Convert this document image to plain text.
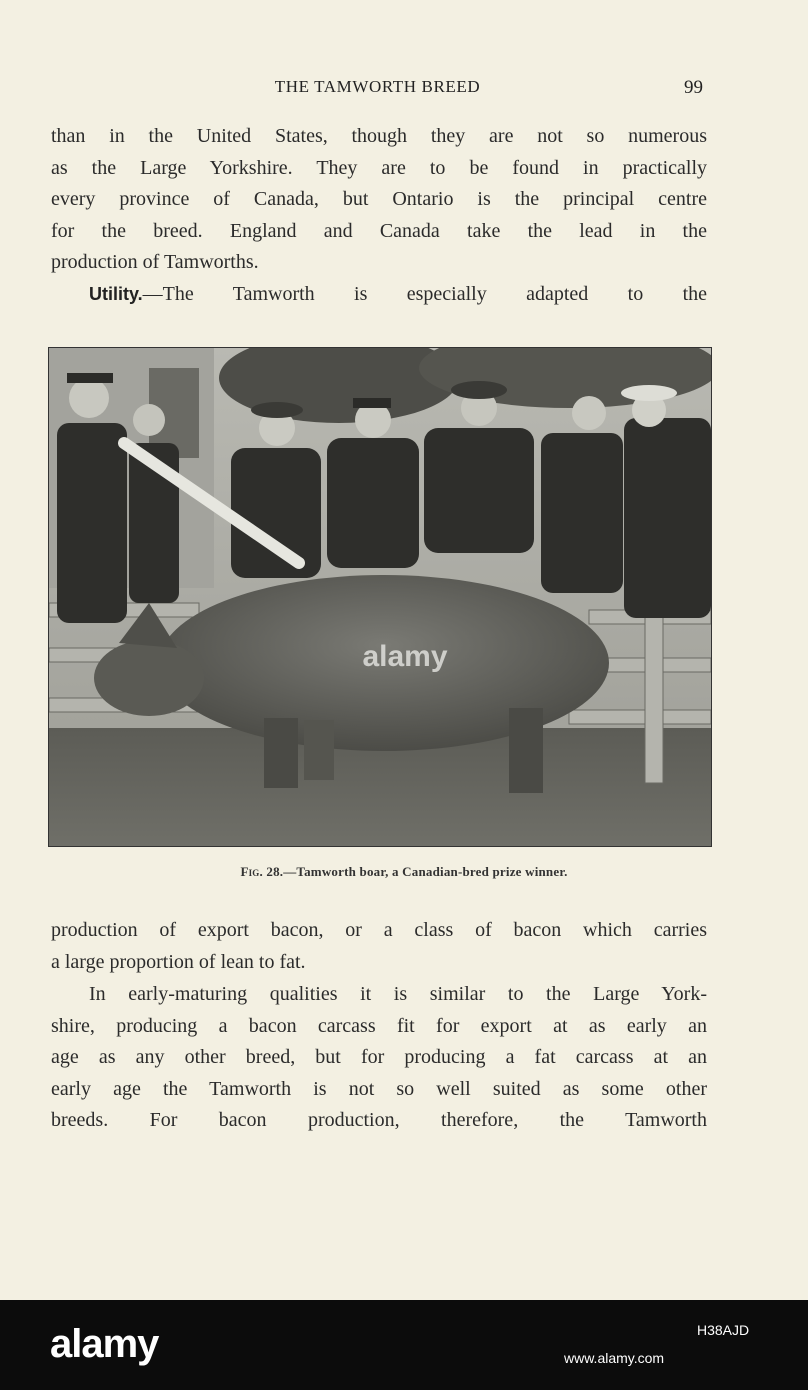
THE TAMWORTH BREED	99
than in the United States, though they are not so numerous
as the Large Yorkshire. They are to be found in practically
every province of Canada, but Ontario is the principal centre
for the breed. England and Canada take the lead in the
production of Tamworths.
Utility.—The Tamworth is especially adapted to the
alamy
Fig. 28.—Tamworth boar, a Canadian-bred prize winner.
production of export bacon, or a class of bacon which carries
a large proportion of lean to fat.
In early-maturing qualities it is similar to the Large York-
shire, producing a bacon carcass fit for export at as early an
age as any other breed, but for producing a fat carcass at an
early age the Tamworth is not so well suited as some other
breeds. For bacon production, therefore, the Tamworth
alamy	H38AJD
www.alamy.com
